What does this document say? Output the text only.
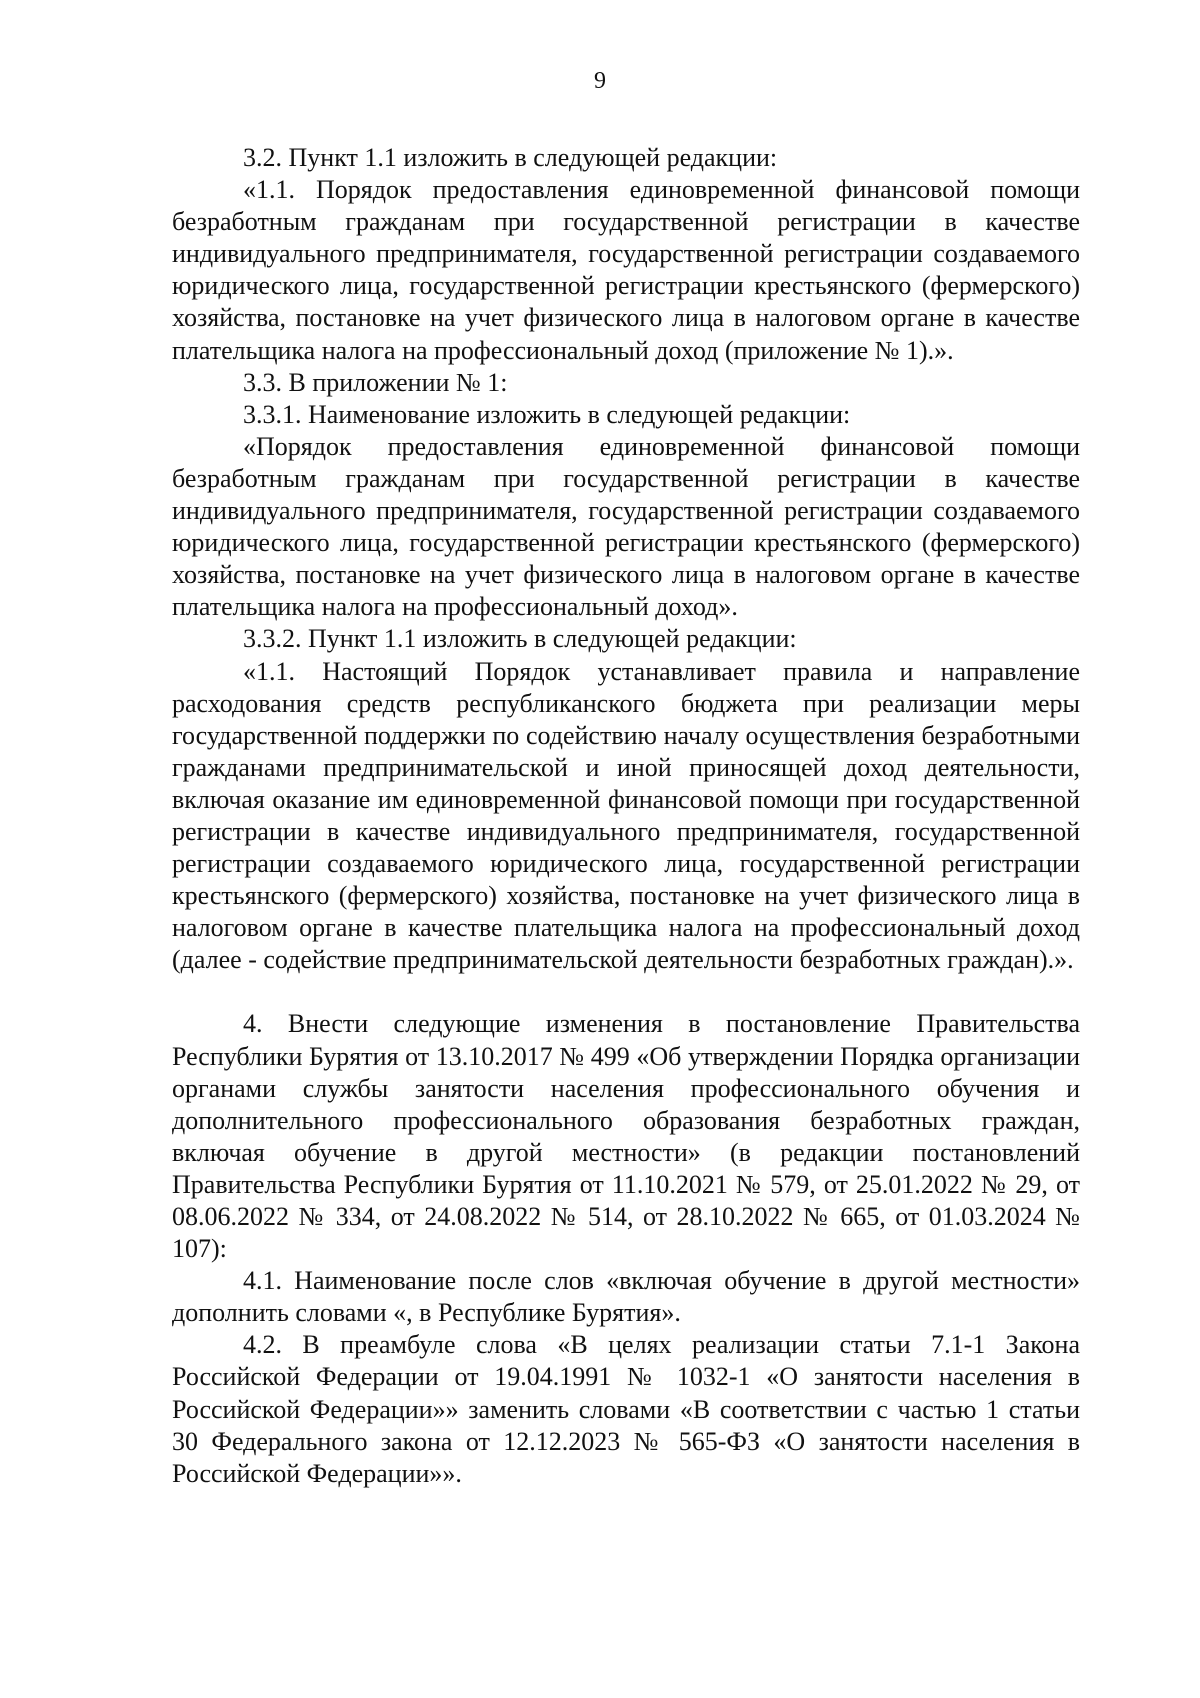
9

3.2. Пункт 1.1 изложить в следующей редакции:

«1.1. Порядок предоставления единовременной финансовой помощи безработным гражданам при государственной регистрации в качестве индивидуального предпринимателя, государственной регистрации создаваемого юридического лица, государственной регистрации крестьянского (фермерского) хозяйства, постановке на учет физического лица в налоговом органе в качестве плательщика налога на профессиональный доход (приложение № 1).».

3.3. В приложении № 1:

3.3.1. Наименование изложить в следующей редакции:

«Порядок предоставления единовременной финансовой помощи безработным гражданам при государственной регистрации в качестве индивидуального предпринимателя, государственной регистрации создаваемого юридического лица, государственной регистрации крестьянского (фермерского) хозяйства, постановке на учет физического лица в налоговом органе в качестве плательщика налога на профессиональный доход».

3.3.2. Пункт 1.1 изложить в следующей редакции:

«1.1. Настоящий Порядок устанавливает правила и направление расходования средств республиканского бюджета при реализации меры государственной поддержки по содействию началу осуществления безработными гражданами предпринимательской и иной приносящей доход деятельности, включая оказание им единовременной финансовой помощи при государственной регистрации в качестве индивидуального предпринимателя, государственной регистрации создаваемого юридического лица, государственной регистрации крестьянского (фермерского) хозяйства, постановке на учет физического лица в налоговом органе в качестве плательщика налога на профессиональный доход (далее - содействие предпринимательской деятельности безработных граждан).».

4. Внести следующие изменения в постановление Правительства Республики Бурятия от 13.10.2017 № 499 «Об утверждении Порядка организации органами службы занятости населения профессионального обучения и дополнительного профессионального образования безработных граждан, включая обучение в другой местности» (в редакции постановлений Правительства Республики Бурятия от 11.10.2021 № 579, от 25.01.2022 № 29, от 08.06.2022 № 334, от 24.08.2022 № 514, от 28.10.2022 № 665, от 01.03.2024 № 107):

4.1. Наименование после слов «включая обучение в другой местности» дополнить словами «, в Республике Бурятия».

4.2. В преамбуле слова «В целях реализации статьи 7.1-1 Закона Российской Федерации от 19.04.1991 № 1032-1 «О занятости населения в Российской Федерации»» заменить словами «В соответствии с частью 1 статьи 30 Федерального закона от 12.12.2023 № 565-ФЗ «О занятости населения в Российской Федерации»».
